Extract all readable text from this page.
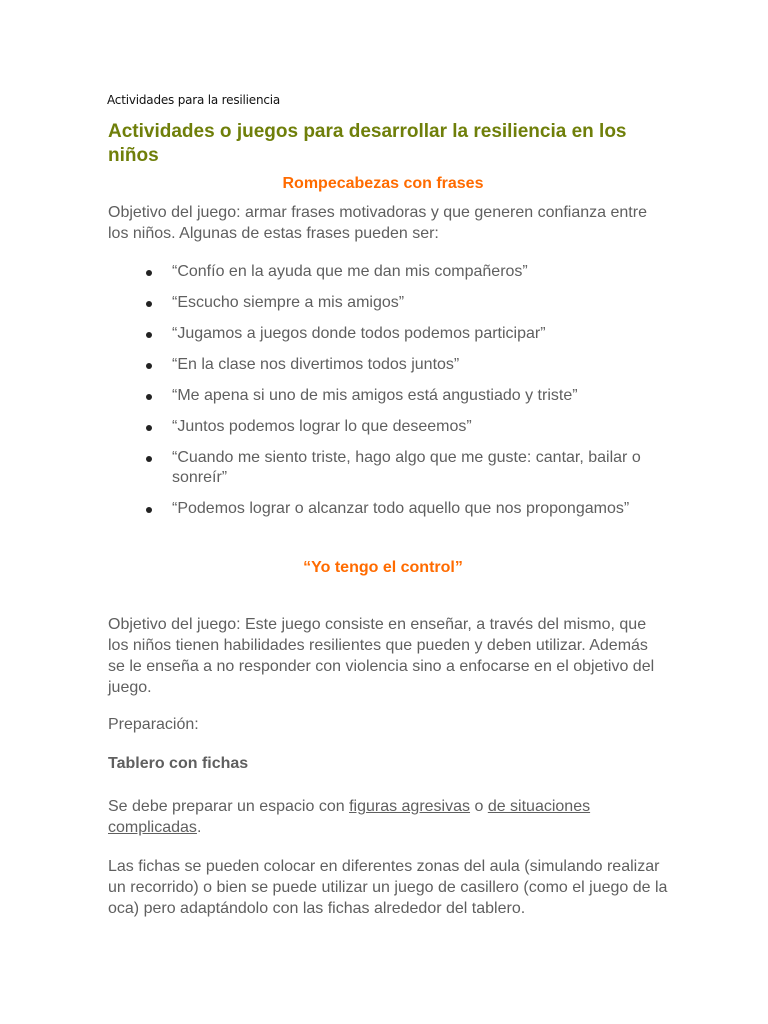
Actividades para la resiliencia
Actividades o juegos para desarrollar la resiliencia en los niños
Rompecabezas con frases
Objetivo del juego: armar frases motivadoras y que generen confianza entre los niños. Algunas de estas frases pueden ser:
“Confío en la ayuda que me dan mis compañeros”
“Escucho siempre a mis amigos”
“Jugamos a juegos donde todos podemos participar”
“En la clase nos divertimos todos juntos”
“Me apena si uno de mis amigos está angustiado y triste”
“Juntos podemos lograr lo que deseemos”
“Cuando me siento triste, hago algo que me guste: cantar, bailar o sonreír”
“Podemos lograr o alcanzar todo aquello que nos propongamos”
“Yo tengo el control”
Objetivo del juego: Este juego consiste en enseñar, a través del mismo, que los niños tienen habilidades resilientes que pueden y deben utilizar. Además se le enseña a no responder con violencia sino a enfocarse en el objetivo del juego.
Preparación:
Tablero con fichas
Se debe preparar un espacio con figuras agresivas o de situaciones complicadas.
Las fichas se pueden colocar en diferentes zonas del aula (simulando realizar un recorrido) o bien se puede utilizar un juego de casillero (como el juego de la oca) pero adaptándolo con las fichas alrededor del tablero.
